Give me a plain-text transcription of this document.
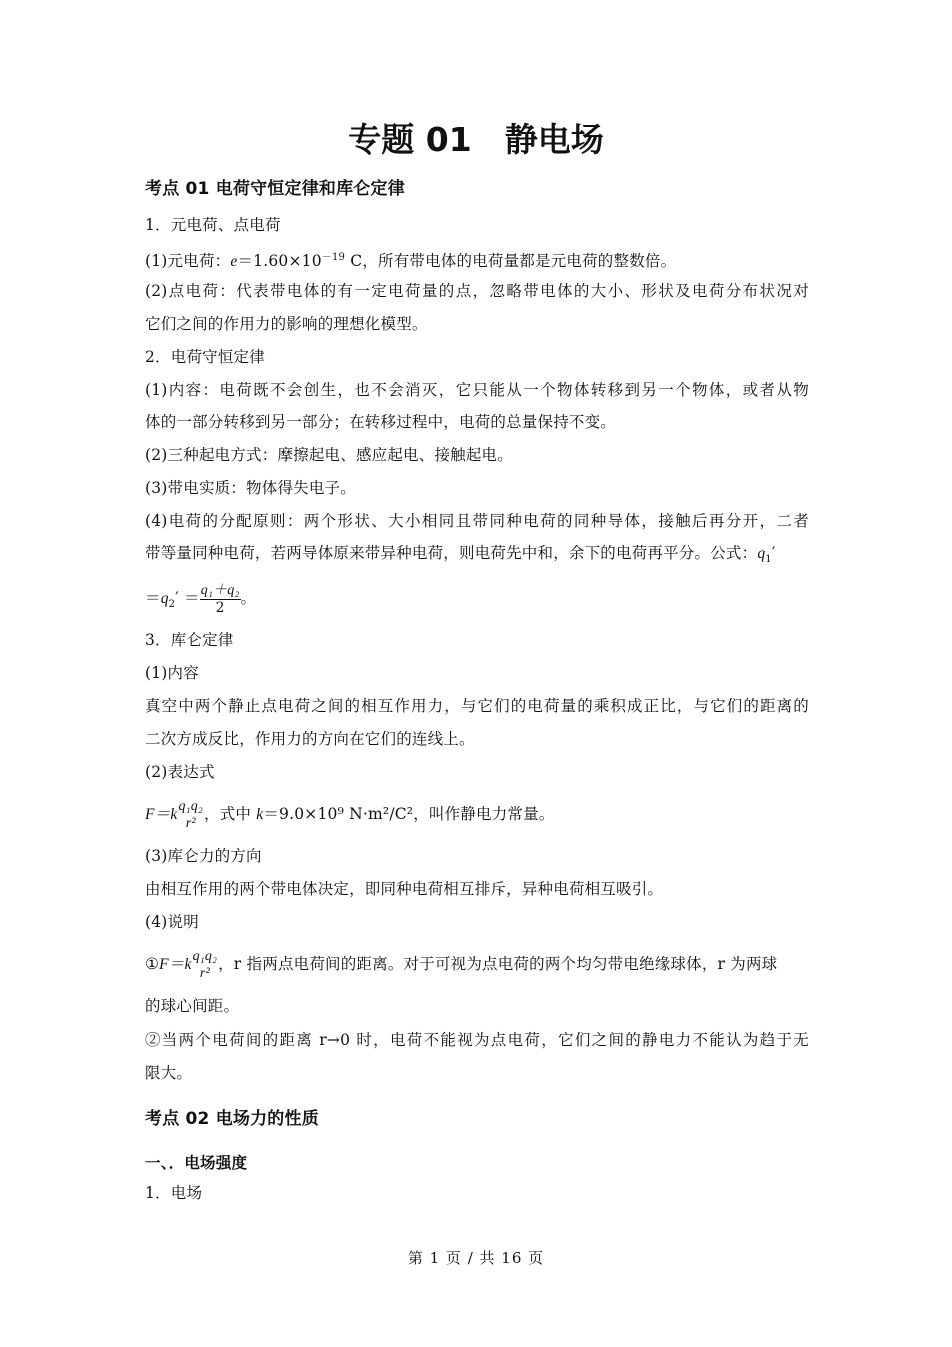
专题 01　静电场
考点 01 电荷守恒定律和库仑定律
1．元电荷、点电荷
(1)元电荷：$e=1.60\times 10^{-19}$ C，所有带电体的电荷量都是元电荷的整数倍。
(2)点电荷：代表带电体的有一定电荷量的点，忽略带电体的大小、形状及电荷分布状况对
它们之间的作用力的影响的理想化模型。
2．电荷守恒定律
(1)内容：电荷既不会创生，也不会消灭，它只能从一个物体转移到另一个物体，或者从物
体的一部分转移到另一部分；在转移过程中，电荷的总量保持不变。
(2)三种起电方式：摩擦起电、感应起电、接触起电。
(3)带电实质：物体得失电子。
(4)电荷的分配原则：两个形状、大小相同且带同种电荷的同种导体，接触后再分开，二者
带等量同种电荷，若两导体原来带异种电荷，则电荷先中和，余下的电荷再平分。公式：$q_1'$
$=q_2' = \frac{\text{q₁＋q₂}}{2}$ 。
3．库仑定律
(1)内容
真空中两个静止点电荷之间的相互作用力，与它们的电荷量的乘积成正比，与它们的距离的
二次方成反比，作用力的方向在它们的连线上。
(2)表达式
F＝k q₁q₂
r²
，式中 k＝9.0×10⁹ N·m²/C²，叫作静电力常量。
(3)库仑力的方向
由相互作用的两个带电体决定，即同种电荷相互排斥，异种电荷相互吸引。
(4)说明
①F＝k q₁q₂
r²
，r 指两点电荷间的距离。对于可视为点电荷的两个均匀带电绝缘球体，r 为两球
的球心间距。
②当两个电荷间的距离 r→0 时，电荷不能视为点电荷，它们之间的静电力不能认为趋于无
限大。
考点 02 电场力的性质
一、．电场强度
1．电场
第 1 页 / 共 16 页
